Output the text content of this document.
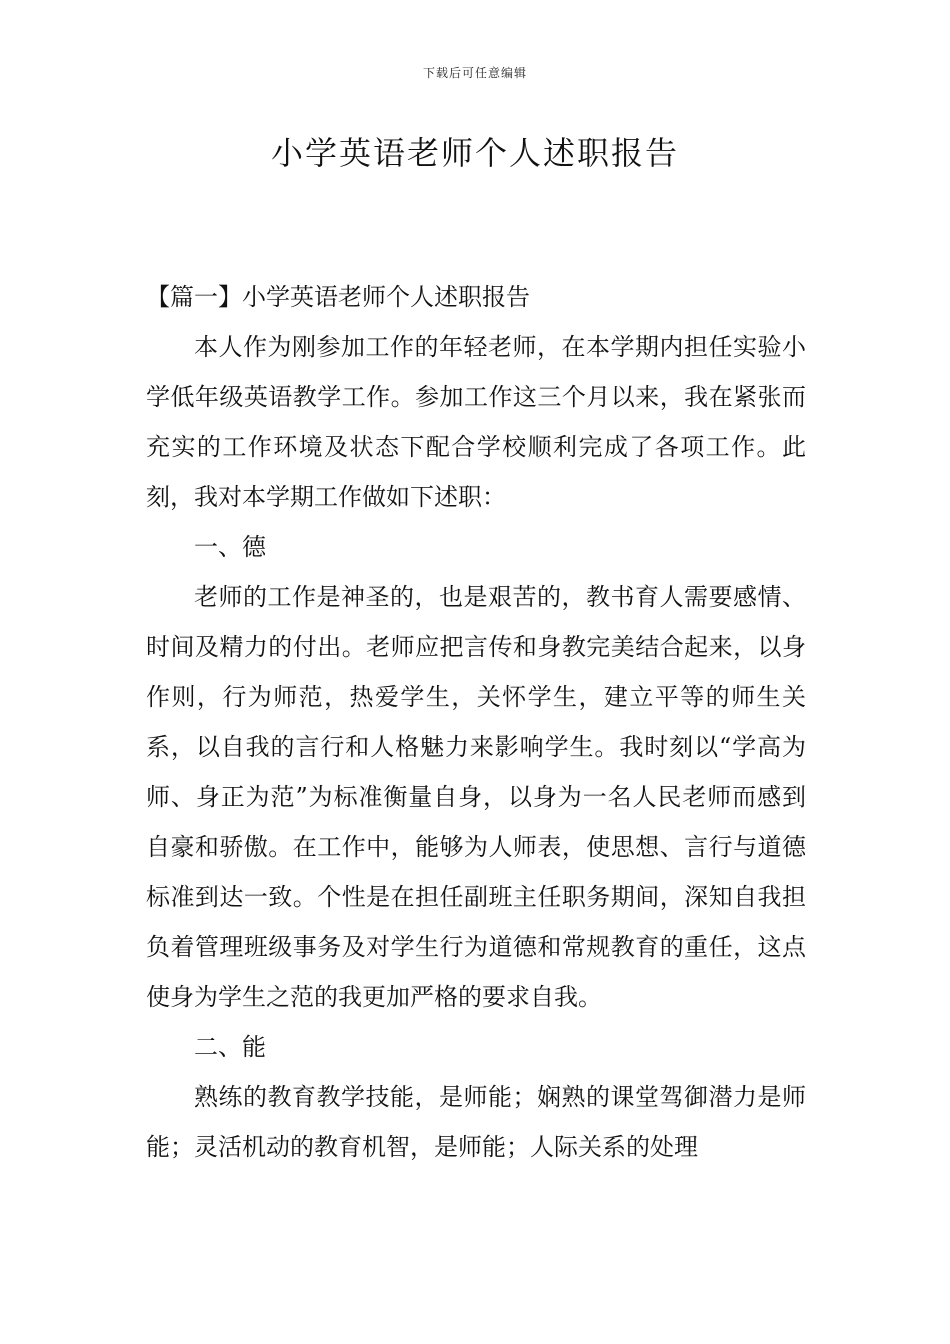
下载后可任意编辑
小学英语老师个人述职报告

【篇一】小学英语老师个人述职报告

本人作为刚参加工作的年轻老师，在本学期内担任实验小学低年级英语教学工作。参加工作这三个月以来，我在紧张而充实的工作环境及状态下配合学校顺利完成了各项工作。此刻，我对本学期工作做如下述职：

一、德

老师的工作是神圣的，也是艰苦的，教书育人需要感情、时间及精力的付出。老师应把言传和身教完美结合起来，以身作则，行为师范，热爱学生，关怀学生，建立平等的师生关系，以自我的言行和人格魅力来影响学生。我时刻以“学高为师、身正为范”为标准衡量自身，以身为一名人民老师而感到自豪和骄傲。在工作中，能够为人师表，使思想、言行与道德标准到达一致。个性是在担任副班主任职务期间，深知自我担负着管理班级事务及对学生行为道德和常规教育的重任，这点使身为学生之范的我更加严格的要求自我。

二、能

熟练的教育教学技能，是师能；娴熟的课堂驾御潜力是师能；灵活机动的教育机智，是师能；人际关系的处理
